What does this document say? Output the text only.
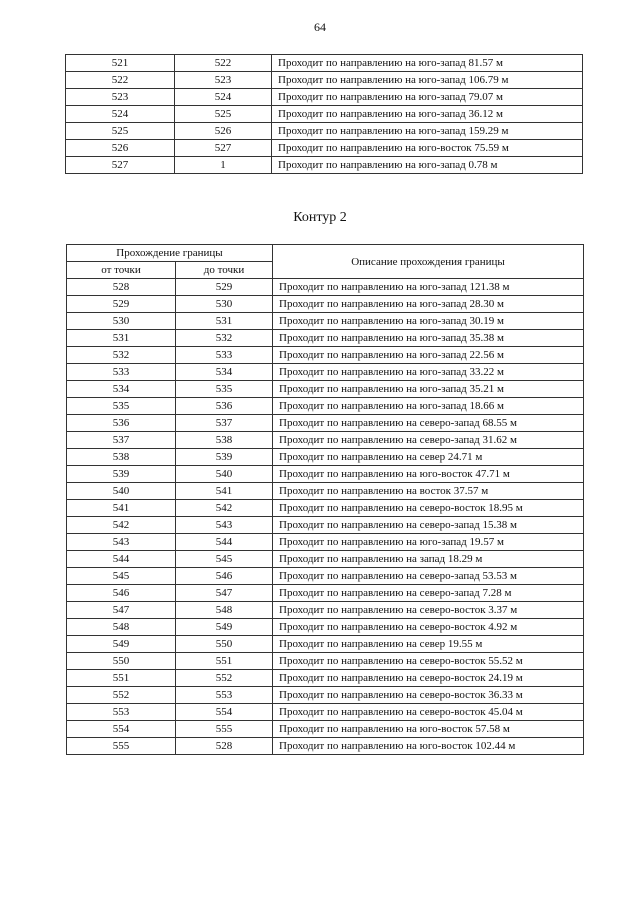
64
521	522	Проходит по направлению на юго-запад 81.57 м
522	523	Проходит по направлению на юго-запад 106.79 м
523	524	Проходит по направлению на юго-запад 79.07 м
524	525	Проходит по направлению на юго-запад 36.12 м
525	526	Проходит по направлению на юго-запад 159.29 м
526	527	Проходит по направлению на юго-восток 75.59 м
527	1	Проходит по направлению на юго-запад 0.78 м
Контур 2
Прохождение границы		Описание прохождения границы
от точки	до точки	
528	529	Проходит по направлению на юго-запад 121.38 м
529	530	Проходит по направлению на юго-запад 28.30 м
530	531	Проходит по направлению на юго-запад 30.19 м
531	532	Проходит по направлению на юго-запад 35.38 м
532	533	Проходит по направлению на юго-запад 22.56 м
533	534	Проходит по направлению на юго-запад 33.22 м
534	535	Проходит по направлению на юго-запад 35.21 м
535	536	Проходит по направлению на юго-запад 18.66 м
536	537	Проходит по направлению на северо-запад 68.55 м
537	538	Проходит по направлению на северо-запад 31.62 м
538	539	Проходит по направлению на север 24.71 м
539	540	Проходит по направлению на юго-восток 47.71 м
540	541	Проходит по направлению на восток 37.57 м
541	542	Проходит по направлению на северо-восток 18.95 м
542	543	Проходит по направлению на северо-запад 15.38 м
543	544	Проходит по направлению на юго-запад 19.57 м
544	545	Проходит по направлению на запад 18.29 м
545	546	Проходит по направлению на северо-запад 53.53 м
546	547	Проходит по направлению на северо-запад 7.28 м
547	548	Проходит по направлению на северо-восток 3.37 м
548	549	Проходит по направлению на северо-восток 4.92 м
549	550	Проходит по направлению на север 19.55 м
550	551	Проходит по направлению на северо-восток 55.52 м
551	552	Проходит по направлению на северо-восток 24.19 м
552	553	Проходит по направлению на северо-восток 36.33 м
553	554	Проходит по направлению на северо-восток 45.04 м
554	555	Проходит по направлению на юго-восток 57.58 м
555	528	Проходит по направлению на юго-восток 102.44 м
